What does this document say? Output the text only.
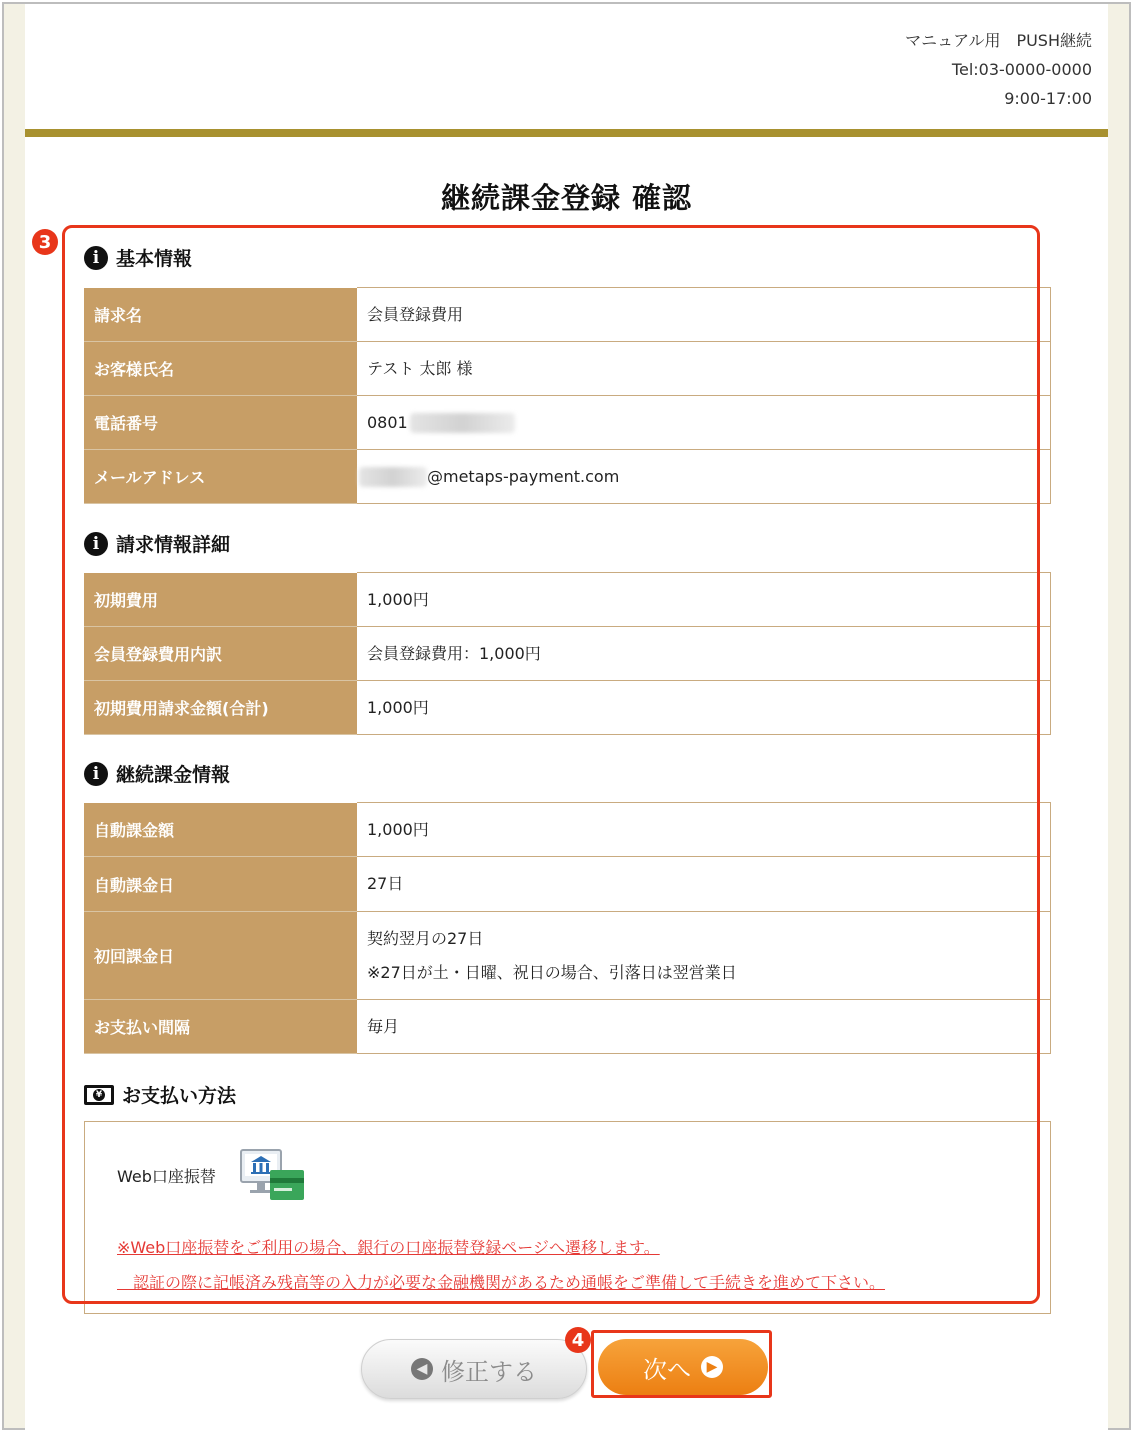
マニュアル用　PUSH継続
Tel:03-0000-0000
9:00-17:00
継続課金登録 確認
i 基本情報
請求名	会員登録費用
お客様氏名	テスト 太郎 様
電話番号	0801
メールアドレス	@metaps-payment.com
i 請求情報詳細
初期費用	1,000円
会員登録費用内訳	会員登録費用：1,000円
初期費用請求金額(合計)	1,000円
i 継続課金情報
自動課金額	1,000円
自動課金日	27日
初回課金日	契約翌月の27日
※27日が土・日曜、祝日の場合、引落日は翌営業日

お支払い間隔	毎月
¥ お支払い方法
Web口座振替
※Web口座振替をご利用の場合、銀行の口座振替登録ページへ遷移します。
　認証の際に記帳済み残高等の入力が必要な金融機関があるため通帳をご準備して手続きを進めて下さい。
3
◀ 修正する	次へ	▶
4
